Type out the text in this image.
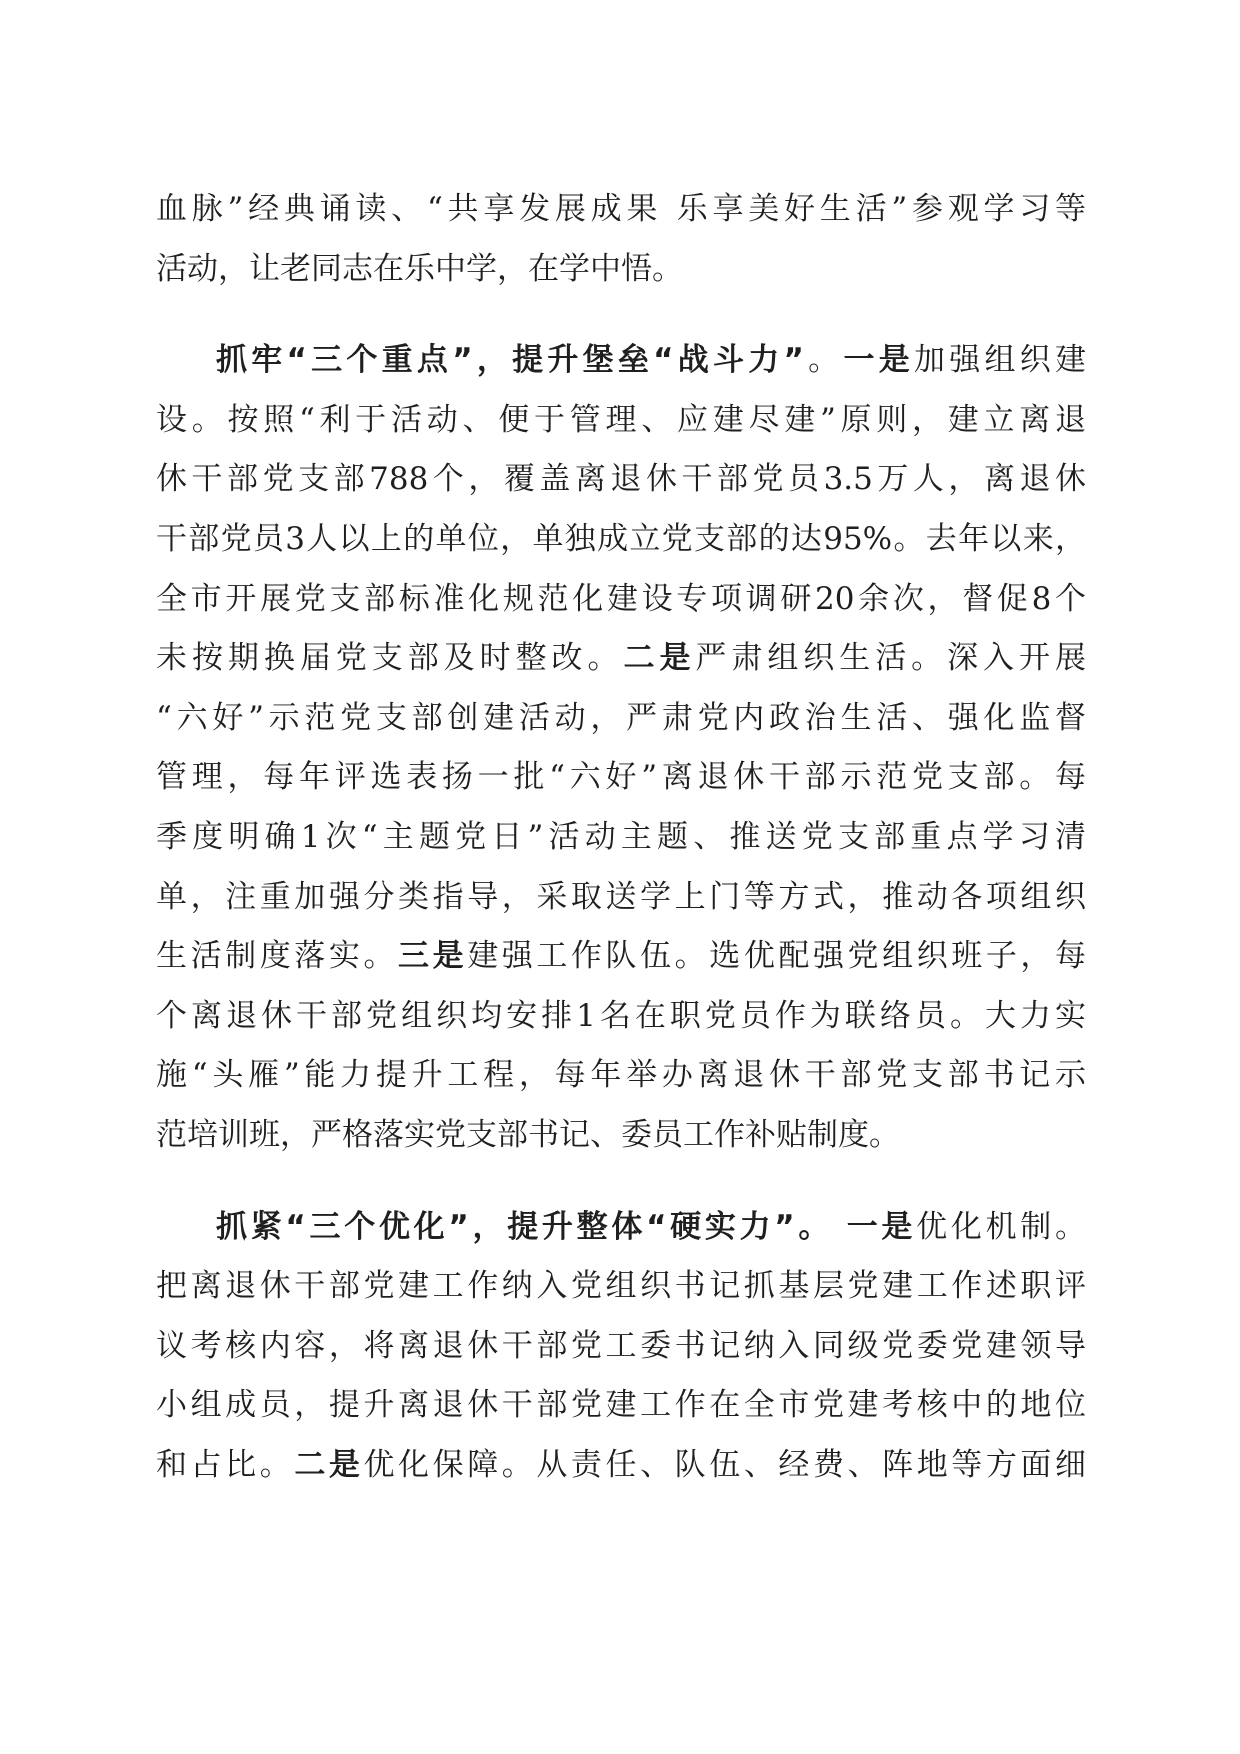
血脉”经典诵读、“共享发展成果 乐享美好生活”参观学习等
活动，让老同志在乐中学，在学中悟。
抓牢“三个重点”，提升堡垒“战斗力”。一是加强组织建
设。按照“利于活动、便于管理、应建尽建”原则，建立离退
休干部党支部788个，覆盖离退休干部党员3.5万人，离退休
干部党员3人以上的单位，单独成立党支部的达95%。去年以来，
全市开展党支部标准化规范化建设专项调研20余次，督促8个
未按期换届党支部及时整改。二是严肃组织生活。深入开展
“六好”示范党支部创建活动，严肃党内政治生活、强化监督
管理，每年评选表扬一批“六好”离退休干部示范党支部。每
季度明确1次“主题党日”活动主题、推送党支部重点学习清
单，注重加强分类指导，采取送学上门等方式，推动各项组织
生活制度落实。三是建强工作队伍。选优配强党组织班子，每
个离退休干部党组织均安排1名在职党员作为联络员。大力实
施“头雁”能力提升工程，每年举办离退休干部党支部书记示
范培训班，严格落实党支部书记、委员工作补贴制度。
抓紧“三个优化”，提升整体“硬实力”。 一是优化机制。
把离退休干部党建工作纳入党组织书记抓基层党建工作述职评
议考核内容，将离退休干部党工委书记纳入同级党委党建领导
小组成员，提升离退休干部党建工作在全市党建考核中的地位
和占比。二是优化保障。从责任、队伍、经费、阵地等方面细
